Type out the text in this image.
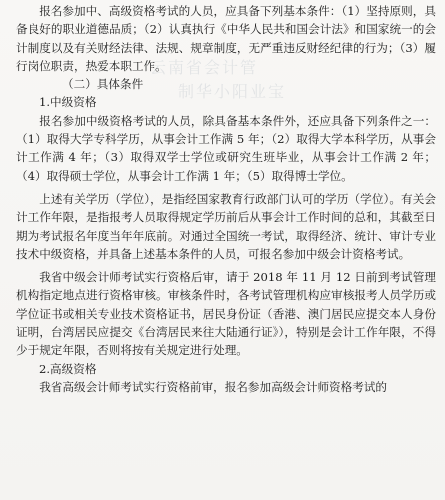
云南省会计管
制华小阳业宝

报名参加中、高级资格考试的人员，应具备下列基本条件：（1）坚持原则，具备良好的职业道德品质；（2）认真执行《中华人民共和国会计法》和国家统一的会计制度以及有关财经法律、法规、规章制度，无严重违反财经纪律的行为；（3）履行岗位职责，热爱本职工作。

（二）具体条件

1.中级资格

报名参加中级资格考试的人员，除具备基本条件外，还应具备下列条件之一：（1）取得大学专科学历，从事会计工作满 5 年；（2）取得大学本科学历，从事会计工作满 4 年；（3）取得双学士学位或研究生班毕业，从事会计工作满 2 年；（4）取得硕士学位，从事会计工作满 1 年；（5）取得博士学位。

上述有关学历（学位），是指经国家教育行政部门认可的学历（学位）。有关会计工作年限，是指报考人员取得规定学历前后从事会计工作时间的总和，其截至日期为考试报名年度当年年底前。对通过全国统一考试，取得经济、统计、审计专业技术中级资格，并具备上述基本条件的人员，可报名参加中级会计资格考试。

我省中级会计师考试实行资格后审，请于 2018 年 11 月 12 日前到考试管理机构指定地点进行资格审核。审核条件时，各考试管理机构应审核报考人员学历或学位证书或相关专业技术资格证书，居民身份证（香港、澳门居民应提交本人身份证明，台湾居民应提交《台湾居民来往大陆通行证》），特别是会计工作年限，不得少于规定年限，否则将按有关规定进行处理。

2.高级资格

我省高级会计师考试实行资格前审，报名参加高级会计师资格考试的
